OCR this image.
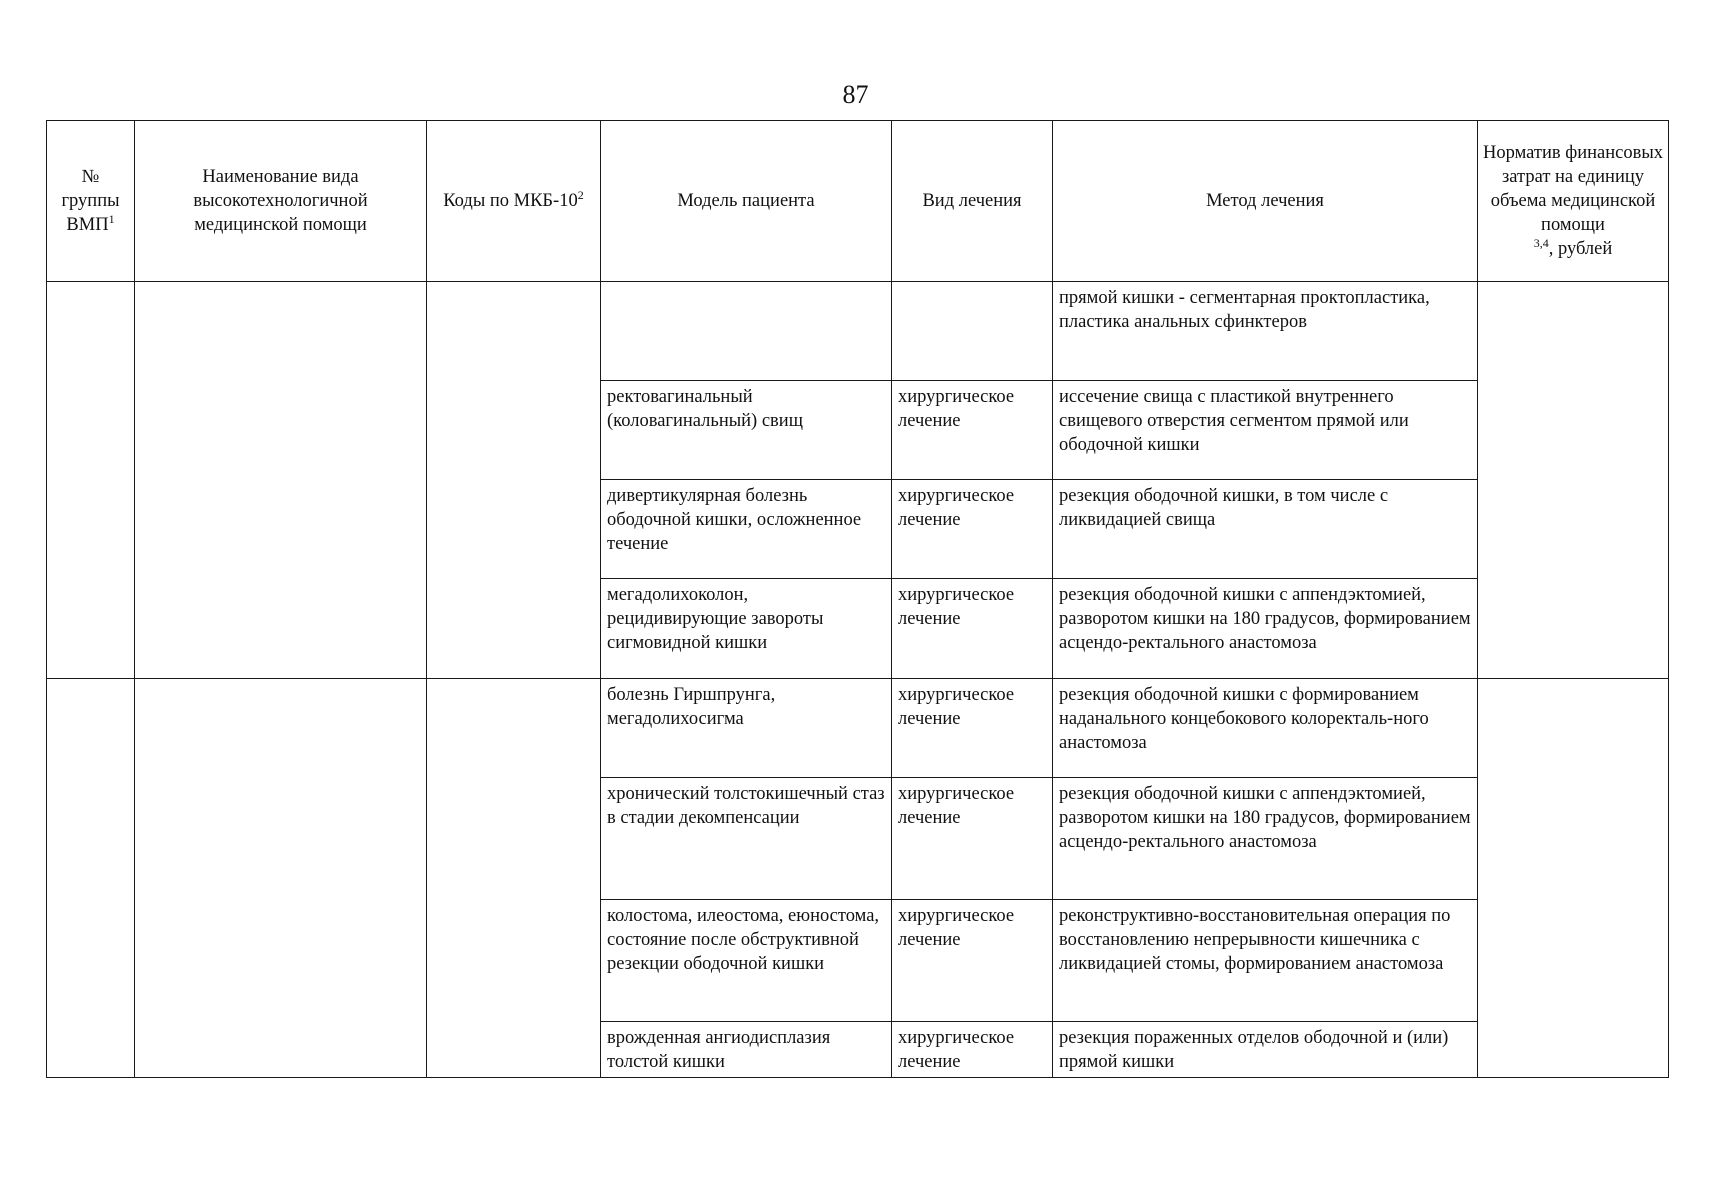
87
№
группы
ВМП$^1$	Наименование вида высокотехнологичной медицинской помощи	Коды по МКБ-$10^2$	Модель пациента	Вид лечения	Метод лечения	Норматив финансовых затрат на единицу объема медицинской помощи$^{3,4}$, рублей
					прямой кишки - сегментарная проктопластика, пластика анальных сфинктеров	
			ректовагинальный (коловагинальный) свищ	хирургическое лечение	иссечение свища с пластикой внутреннего свищевого отверстия сегментом прямой или ободочной кишки	
			дивертикулярная болезнь ободочной кишки, осложненное течение	хирургическое лечение	резекция ободочной кишки, в том числе с ликвидацией свища	
			мегадолихоколон, рецидивирующие завороты сигмовидной кишки	хирургическое лечение	резекция ободочной кишки с аппендэктомией, разворотом кишки на 180 градусов, формированием асцендо-ректального анастомоза	
			болезнь Гиршпрунга, мегадолихосигма	хирургическое лечение	резекция ободочной кишки с формированием наданального концебокового колоректаль-ного анастомоза	
			хронический толстокишечный стаз в стадии декомпенсации	хирургическое лечение	резекция ободочной кишки с аппендэктомией, разворотом кишки на 180 градусов, формированием асцендо-ректального анастомоза	
			колостома, илеостома, еюностома, состояние после обструктивной резекции ободочной кишки	хирургическое лечение	реконструктивно-восстановительная операция по восстановлению непрерывности кишечника с ликвидацией стомы, формированием анастомоза	
			врожденная ангиодисплазия толстой кишки	хирургическое лечение	резекция пораженных отделов ободочной и (или) прямой кишки	
